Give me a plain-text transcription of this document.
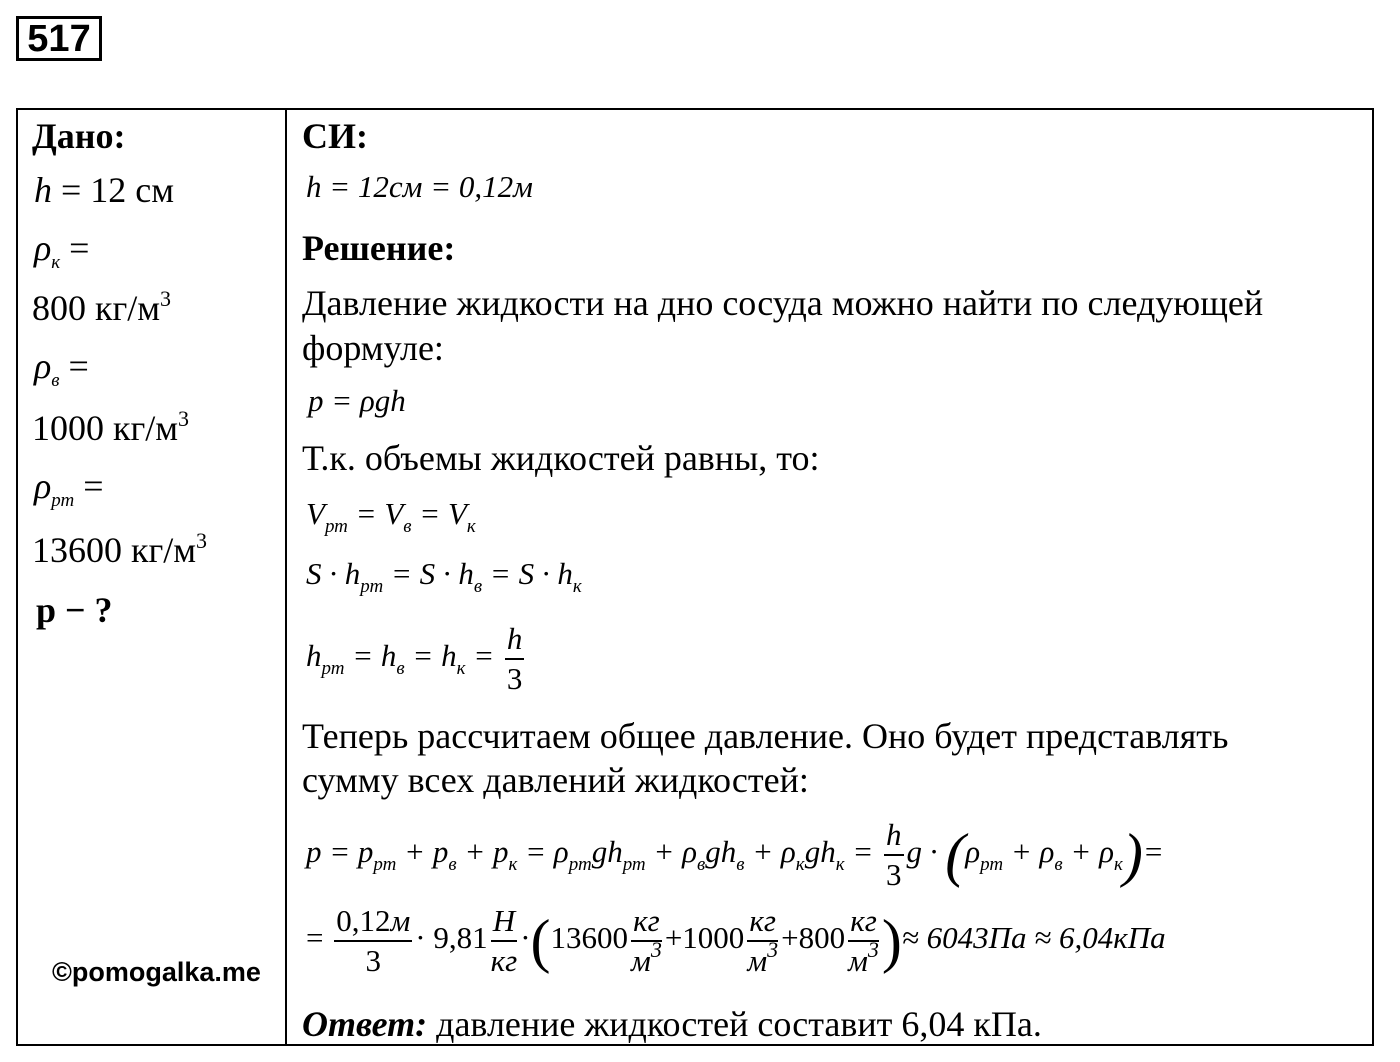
517
Дано:
h = 12 см
$\rho_к$ =
800 $кг/м^3$
$\rho_в$ =
1000 $кг/м^3$
$\rho_{рт}$ =
13600 $кг/м^3$
p − ?
©pomogalka.me
СИ:
h = 12см = 0,12м
Решение:
Давление жидкости на дно сосуда можно найти по следующей
формуле:
p = ρgh
Т.к. объемы жидкостей равны, то:
$V_{рт} = V_в = V_к$
$S \cdot h_{рт} = S \cdot h_в = S \cdot h_к$
$h_{рт} = h_в = h_к = \frac{h}{3}$
Теперь рассчитаем общее давление. Оно будет представлять
сумму всех давлений жидкостей:
$p = p_{рт} + p_в + p_к = \rho_{рт}gh_{рт} + \rho_вgh_в + \rho_кgh_к = \frac{h}{3}$ $g \cdot (\rho_{рт} + \rho_в + \rho_к)=$
= $\frac{0,12м}{3} \cdot 9,81 \frac{Н}{кг} \cdot(13600 \frac{кг}{м^3} +1000 \frac{кг}{м^3} +800 \frac{кг}{м^3}$ )≈ 6043Па ≈ 6,04кПа
Ответ: давление жидкостей составит 6,04 кПа.
